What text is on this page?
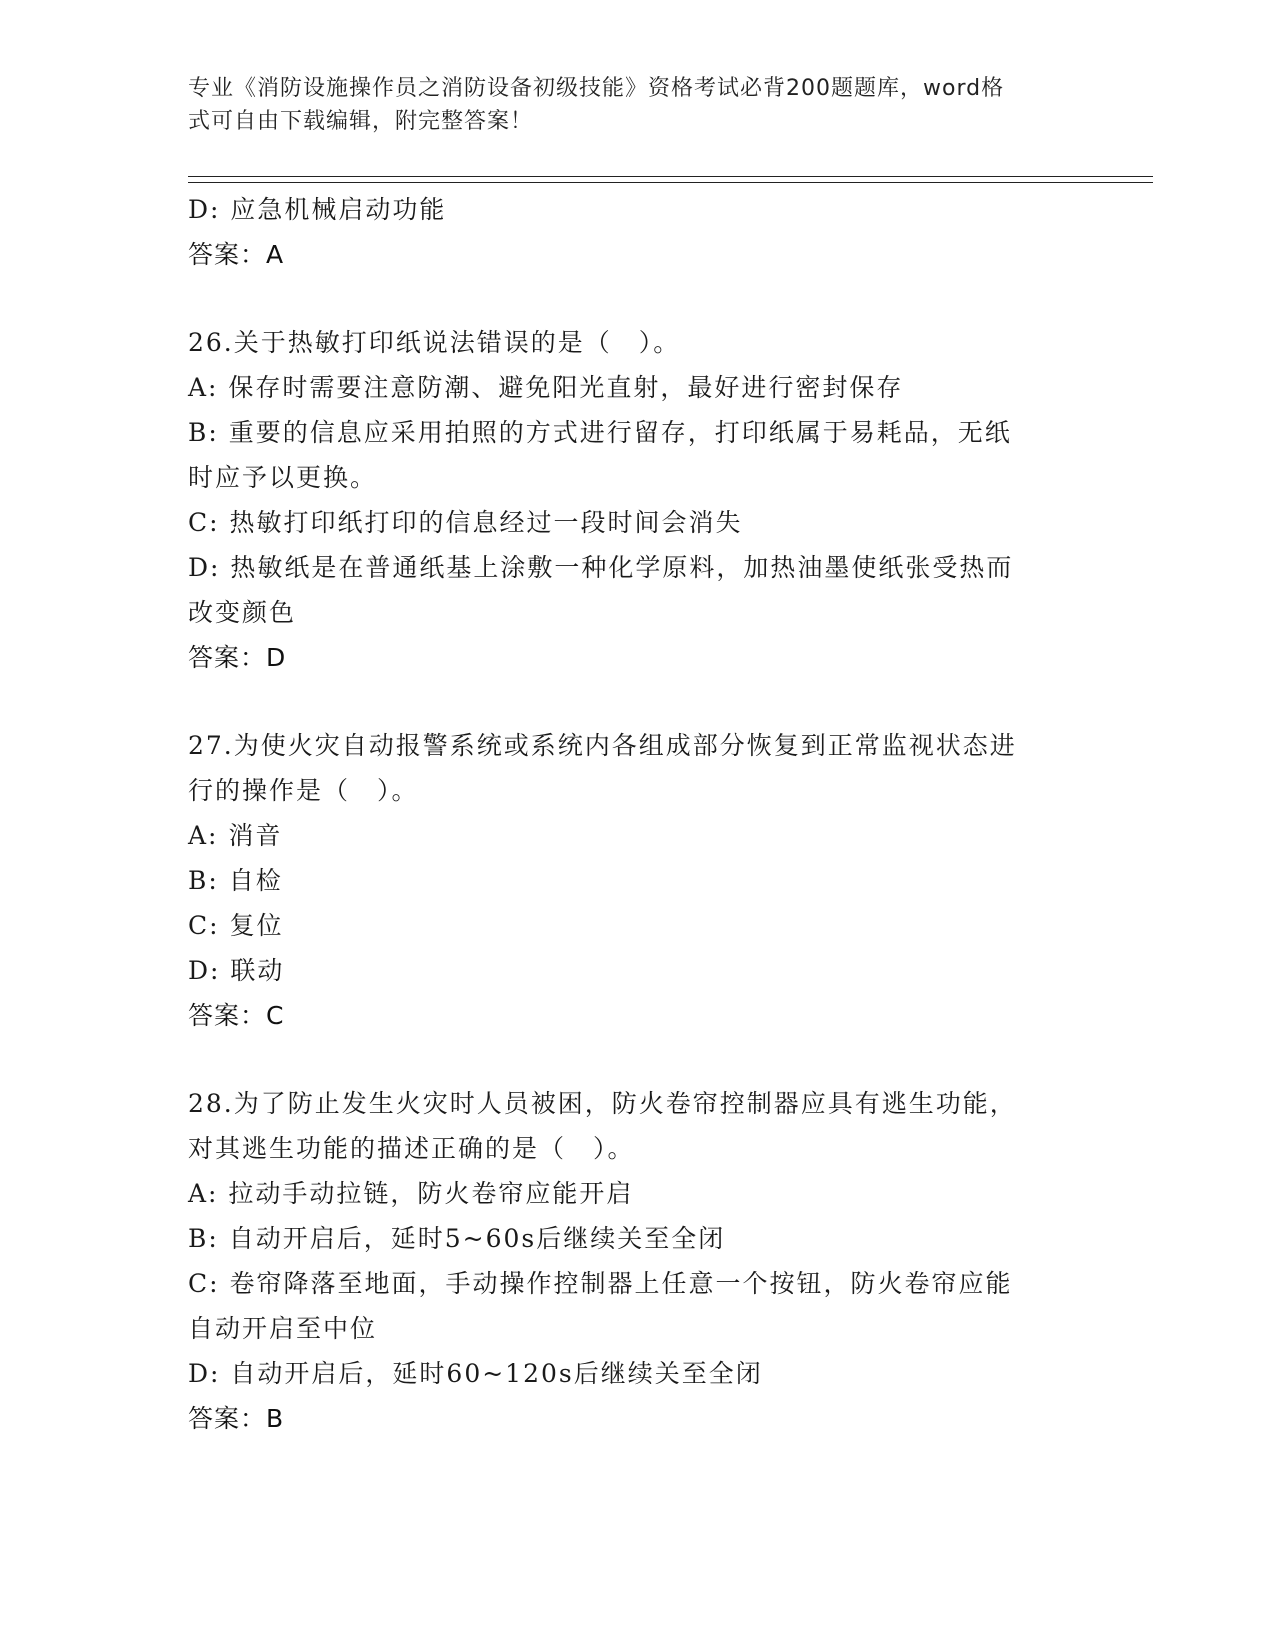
专业《消防设施操作员之消防设备初级技能》资格考试必背200题题库，word格
式可自由下载编辑，附完整答案！
D: 应急机械启动功能
答案：A
26.关于热敏打印纸说法错误的是（　）。
A: 保存时需要注意防潮、避免阳光直射，最好进行密封保存
B: 重要的信息应采用拍照的方式进行留存，打印纸属于易耗品，无纸
时应予以更换。
C: 热敏打印纸打印的信息经过一段时间会消失
D: 热敏纸是在普通纸基上涂敷一种化学原料，加热油墨使纸张受热而
改变颜色
答案：D
27.为使火灾自动报警系统或系统内各组成部分恢复到正常监视状态进
行的操作是（　）。
A: 消音
B: 自检
C: 复位
D: 联动
答案：C
28.为了防止发生火灾时人员被困，防火卷帘控制器应具有逃生功能，
对其逃生功能的描述正确的是（　）。
A: 拉动手动拉链，防火卷帘应能开启
B: 自动开启后，延时5~60s后继续关至全闭
C: 卷帘降落至地面，手动操作控制器上任意一个按钮，防火卷帘应能
自动开启至中位
D: 自动开启后，延时60~120s后继续关至全闭
答案：B
